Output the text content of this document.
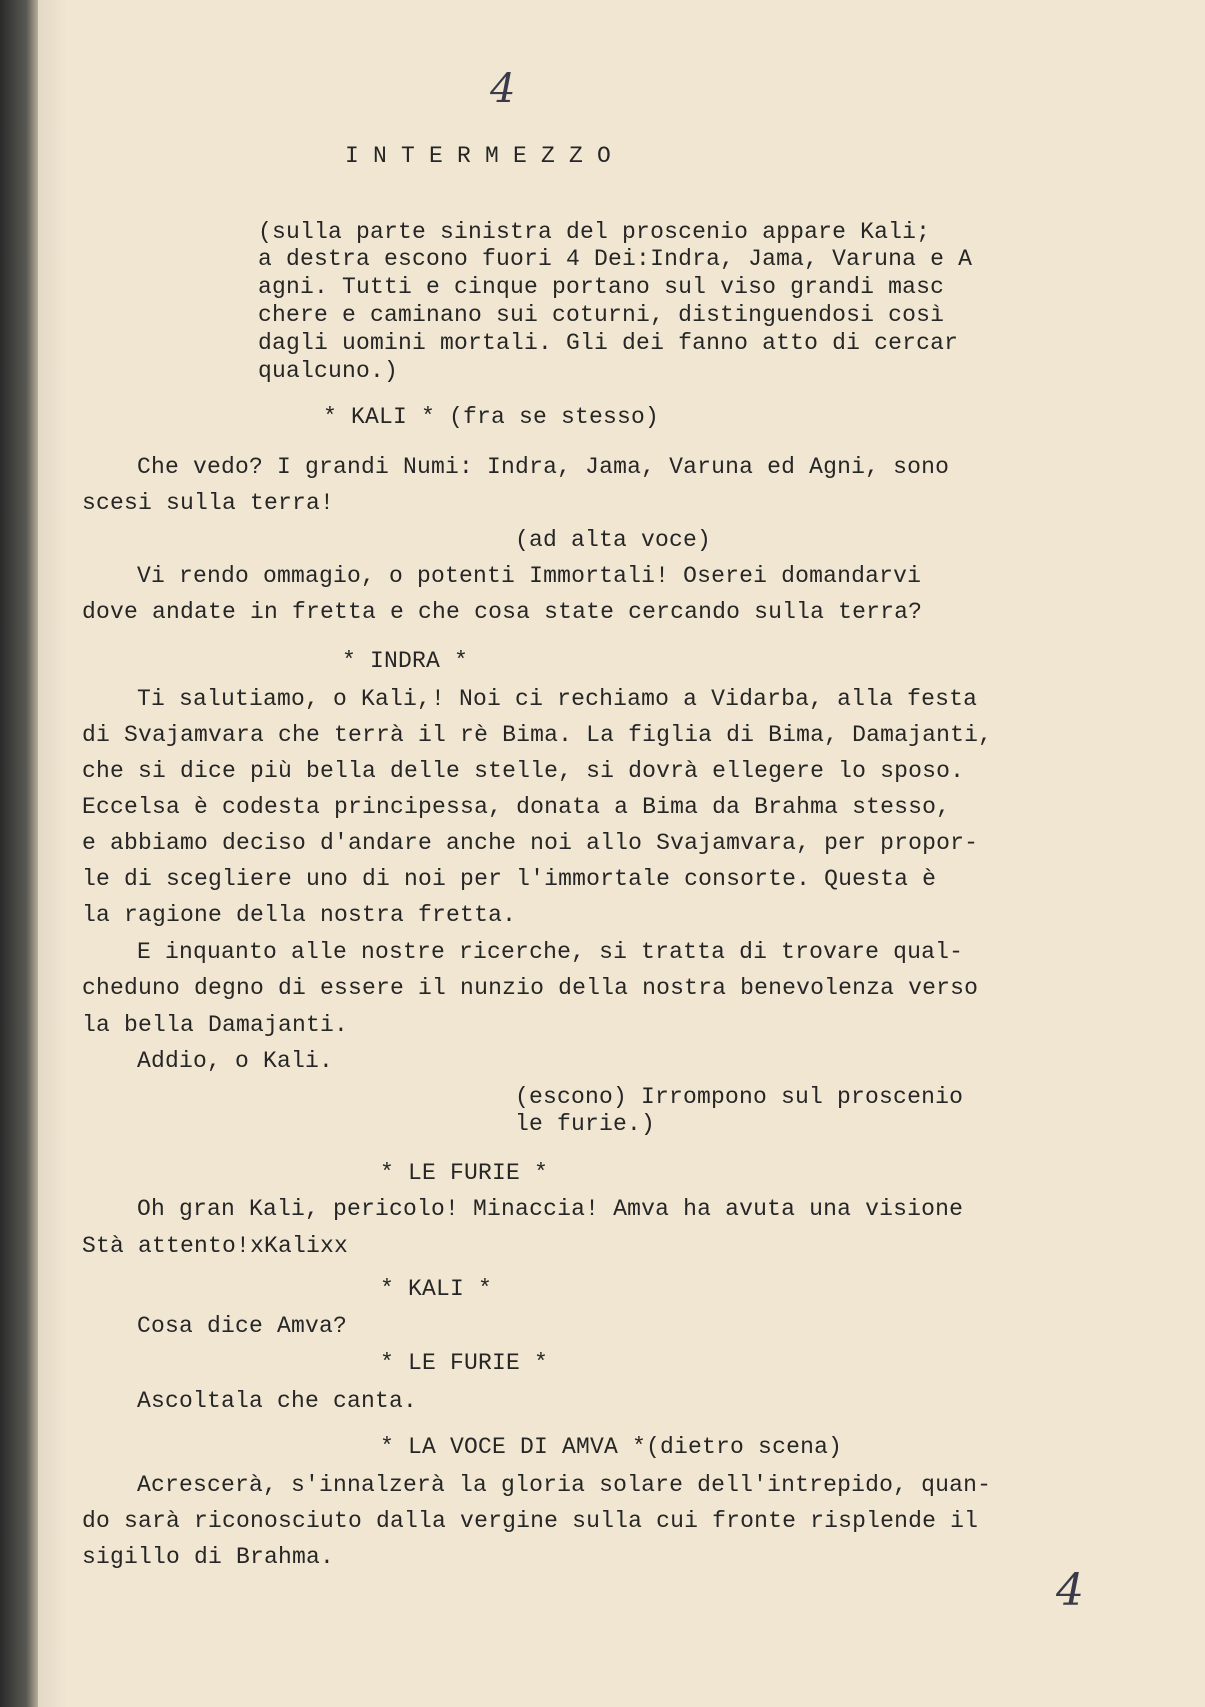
4
I N T E R M E Z Z O
(sulla parte sinistra del proscenio appare Kali;
a destra escono fuori 4 Dei:Indra, Jama, Varuna e A
agni. Tutti e cinque portano sul viso grandi masc
chere e caminano sui coturni, distinguendosi così
dagli uomini mortali. Gli dei fanno atto di cercar
qualcuno.)
* KALI * (fra se stesso)
Che vedo? I grandi Numi: Indra, Jama, Varuna ed Agni, sono
scesi sulla terra!
(ad alta voce)
Vi rendo ommagio, o potenti Immortali! Oserei domandarvi
dove andate in fretta e che cosa state cercando sulla terra?
* INDRA *
Ti salutiamo, o Kali,! Noi ci rechiamo a Vidarba, alla festa
di Svajamvara che terrà il rè Bima. La figlia di Bima, Damajanti,
che si dice più bella delle stelle, si dovrà ellegere lo sposo.
Eccelsa è codesta principessa, donata a Bima da Brahma stesso,
e abbiamo deciso d'andare anche noi allo Svajamvara, per propor-
le di scegliere uno di noi per l'immortale consorte. Questa è
la ragione della nostra fretta.
E inquanto alle nostre ricerche, si tratta di trovare qual-
cheduno degno di essere il nunzio della nostra benevolenza verso
la bella Damajanti.
Addio, o Kali.
(escono) Irrompono sul proscenio
le furie.)
* LE FURIE *
Oh gran Kali, pericolo! Minaccia! Amva ha avuta una visione
Stà attento!xKalixx
* KALI *
Cosa dice Amva?
* LE FURIE *
Ascoltala che canta.
* LA VOCE DI AMVA *(dietro scena)
Acrescerà, s'innalzerà la gloria solare dell'intrepido, quan-
do sarà riconosciuto dalla vergine sulla cui fronte risplende il
sigillo di Brahma.
4
